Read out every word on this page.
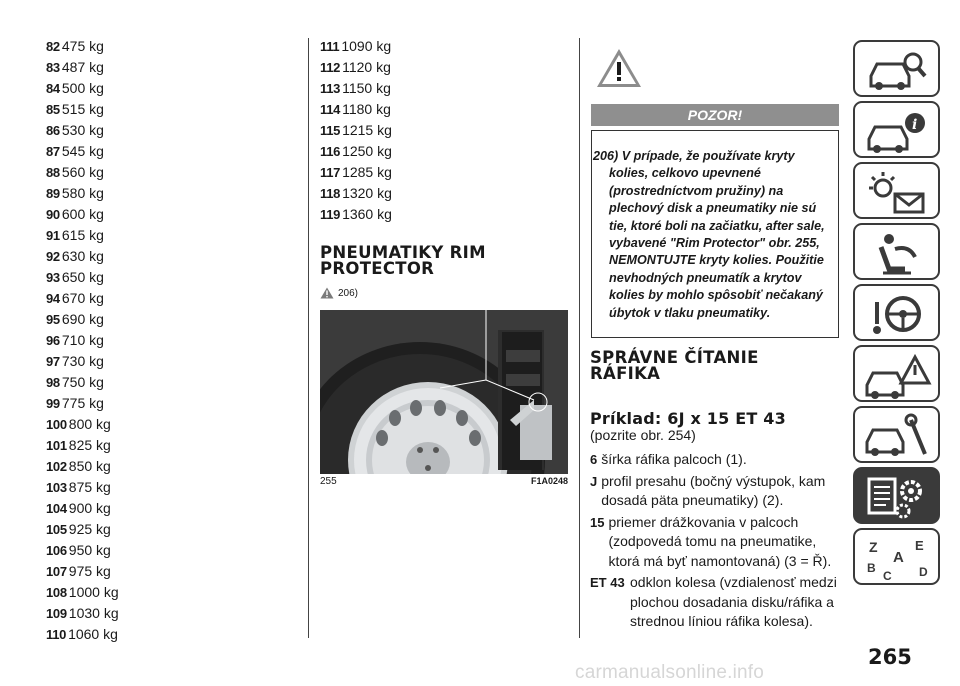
82 475 kg
83 487 kg
84 500 kg
85 515 kg
86 530 kg
87 545 kg
88 560 kg
89 580 kg
90 600 kg
91 615 kg
92 630 kg
93 650 kg
94 670 kg
95 690 kg
96 710 kg
97 730 kg
98 750 kg
99 775 kg
100 800 kg
101 825 kg
102 850 kg
103 875 kg
104 900 kg
105 925 kg
106 950 kg
107 975 kg
108 1000 kg
109 1030 kg
110 1060 kg
111 1090 kg
112 1120 kg
113 1150 kg
114 1180 kg
115 1215 kg
116 1250 kg
117 1285 kg
118 1320 kg
119 1360 kg
PNEUMATIKY RIM
PROTECTOR
206)
255	F1A0248
POZOR!
206) V prípade, že používate kryty kolies, celkovo upevnené (prostredníctvom pružiny) na plechový disk a pneumatiky nie sú tie, ktoré boli na začiatku, after sale, vybavené "Rim Protector" obr. 255, NEMONTUJTE kryty kolies. Použitie nevhodných pneumatík a krytov kolies by mohlo spôsobiť nečakaný úbytok v tlaku pneumatiky.
SPRÁVNE ČÍTANIE
RÁFIKA
Príklad: 6J x 15 ET 43
(pozrite obr. 254)
6 šírka ráfika palcoch (1).
J profil presahu (bočný výstupok, kam dosadá päta pneumatiky) (2).
15 priemer drážkovania v palcoch (zodpovedá tomu na pneumatike, ktorá má byť namontovaná) (3 = Ř).
ET 43 odklon kolesa (vzdialenosť medzi plochou dosadania disku/ráfika a strednou líniou ráfika kolesa).
i
Z	E
A
B
C D
265
carmanualsonline.info
